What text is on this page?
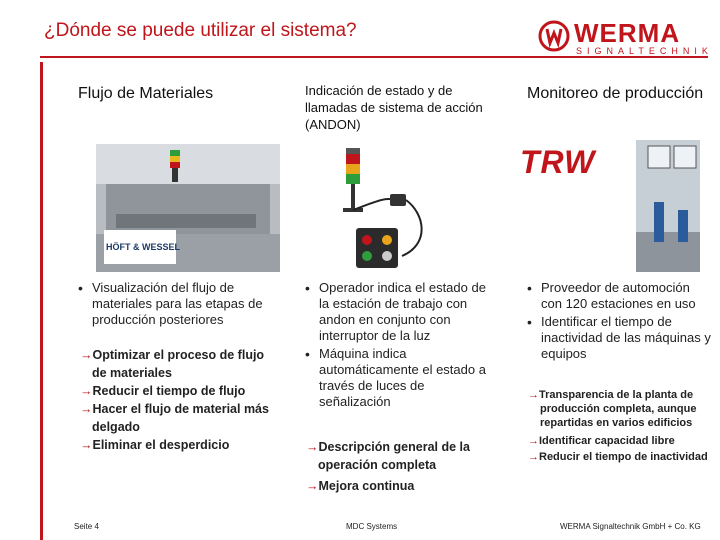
¿Dónde se puede utilizar el sistema?	WERMA
SIGNALTECHNIK
Flujo de Materiales
HÖFT & WESSEL
• Visualización del flujo de materiales para las etapas de producción posteriores
→Optimizar el proceso de flujo de materiales
→Reducir el tiempo de flujo
→Hacer el flujo de material más delgado
→Eliminar el desperdicio
Indicación de estado y de llamadas de sistema de acción (ANDON)
• Operador indica el estado de la estación de trabajo con andon en conjunto con interruptor de la luz
• Máquina indica automáticamente el estado a través de luces de señalización
→Descripción general de la operación completa
→Mejora continua
Monitoreo de producción
TRW
• Proveedor de automoción con 120 estaciones en uso
• Identificar el tiempo de inactividad de las máquinas y equipos
→Transparencia de la planta de producción completa, aunque repartidas en varios edificios
→Identificar capacidad libre
→Reducir el tiempo de inactividad
Seite 4	MDC Systems	WERMA Signaltechnik GmbH + Co. KG
